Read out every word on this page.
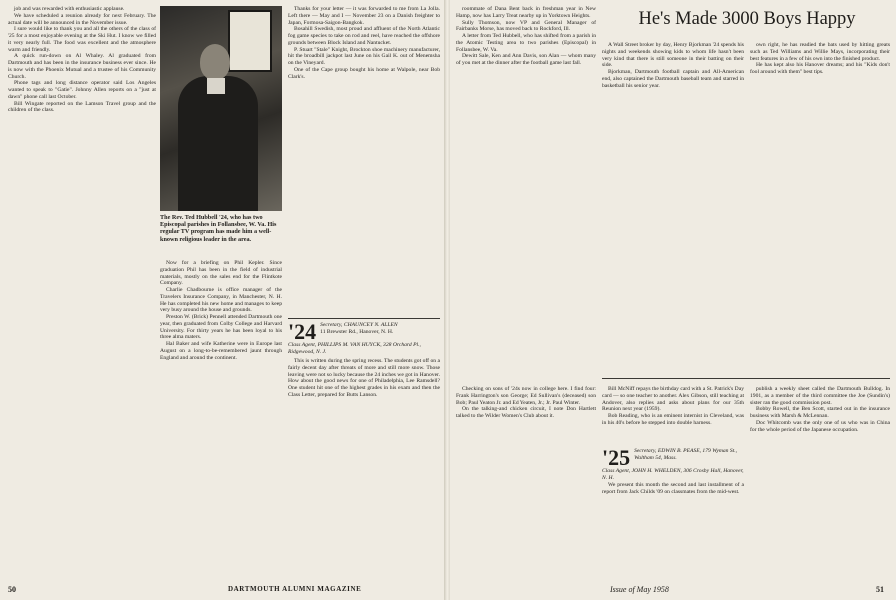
job and was rewarded with enthusiastic applause.

We have scheduled a reunion already for next February. The actual date will be announced in the November issue.

I sure would like to thank you and all the others of the class of '25 for a most enjoyable evening at the Ski Hut. I know we filled it very nearly full. The food was excellent and the atmosphere warm and friendly.

A quick run-down on Al Whaley. Al graduated from Dartmouth and has been in the insurance business ever since. He is now with the Phoenix Mutual and a trustee of his Community Church.

Phone tags and long distance operator said Los Angeles wanted to speak to "Gatie". Johnny Allen reports on a "just at dawn" phone call last October.

Bill Wingate reported on the Lamson Travel group and the children of the class.

The Rev. Ted Hubbell '24, who has two Episcopal parishes in Follansbee, W. Va. His regular TV program has made him a well-known religious leader in the area.

Now for a briefing on Phil Kepler. Since graduation Phil has been in the field of industrial materials, mostly on the sales end for the Flintkote Company.

Charlie Chadbourne is office manager of the Travelers Insurance Company, in Manchester, N. H. He has completed his new home and manages to keep very busy around the house and grounds.

Preston W. (Brick) Pennell attended Dartmouth one year, then graduated from Colby College and Harvard University. For thirty years he has been loyal to his three alma maters.

Hal Baker and wife Katherine were in Europe last August on a long-to-be-remembered jaunt through England and around the continent.

Thanks for your letter — it was forwarded to me from La Jolla. Left there — May and I — November 23 on a Danish freighter to Japan, Formosa-Saigon-Bangkok.

Bosahill Swedish, most proud and affluent of the North Atlantic fog game species to take on rod and reel, have reached the offshore grounds between Block Island and Nantucket.

P. Stuart "Stale" Knight, Brockton shoe machinery manufacturer, hit the broadbill jackpot last June on his Gail K. out of Menemsha on the Vineyard.

One of the Cape group bought his home at Walpole, near Bob Clark's.

'24 Secretary, CHAUNCEY N. ALLEN
11 Brewster Rd., Hanover, N. H.
Class Agent, PHILLIPS M. VAN HUYCK, 328 Orchard Pl., Ridgewood, N. J.

This is written during the spring recess. The students got off on a fairly decent day after threats of more and still more snow. Those leaving were not so lucky because the 24 inches we got in Hanover. How about the good news for one of Philadelphia, Lee Ramsdell? One student hit one of the highest grades in his exam and then the Class Letter, prepared for Butts Lanson.

50	DARTMOUTH ALUMNI MAGAZINE

roommate of Dana Bent back in freshman year in New Hamp, now has Larry Treat nearby up in Yorktown Heights.

Sully Thomson, now VP and General Manager of Fairbanks Morse, has moved back to Rockford, Ill.

A letter from Ted Hubbell, who has shifted from a parish in the Atomic Testing area to two parishes (Episcopal) in Follansbee, W. Va.

Dewitt Sale, Ken and Ann Davis, son Alan — whom many of you met at the dinner after the football game last fall.

He's Made 3000 Boys Happy

A Wall Street broker by day, Henry Bjorkman '24 spends his nights and weekends showing kids to whom life hasn't been very kind that there is still someone in their batting on their side.

Bjorkman, Dartmouth football captain and All-American end, also captained the Dartmouth baseball team and starred in basketball his senior year.

own right, he has readied the bats used by hitting greats such as Ted Williams and Willie Mays, incorporating their best features in a few of his own into the finished product.

He has kept also his Hanover dreams; and his "Kids don't fool around with them" best tips.

Checking on sons of '24s now in college here. I find four: Frank Harrington's son George; Ed Sullivan's (deceased) son Bob; Paul Yeaton Jr. and Ed Yeaten, Jr.; Jr. Paul Winter.

On the talking-and chicken circuit, I note Don Hartlett talked to the Wilder Women's Club about it.

Bill McNiff repays the birthday card with a St. Patrick's Day card — so one teacher to another. Alex Gibson, still teaching at Andover, also replies and asks about plans for our 35th Reunion next year (1959).

Bob Reading, who is an eminent internist in Cleveland, was in his 40's before he stepped into double harness.

'25 Secretary, EDWIN B. PEASE, 179 Wyman St., Waltham 54, Mass.
Class Agent, JOHN H. WHELDEN, 306 Crosby Hall, Hanover, N. H.

We present this month the second and last installment of a report from Jack Childs '09 on classmates from the mid-west.

publish a weekly sheet called the Dartmouth Bulldog. In 1901, as a member of the third committee the Joe (Sundin's) sister ran the good commission post.

Bobby Rowell, the Ben Scott, started out in the insurance business with Marsh & McLennan.

Doc Whitcomb was the only one of us who was in China for the whole period of the Japanese occupation.

Issue of May 1958	51
